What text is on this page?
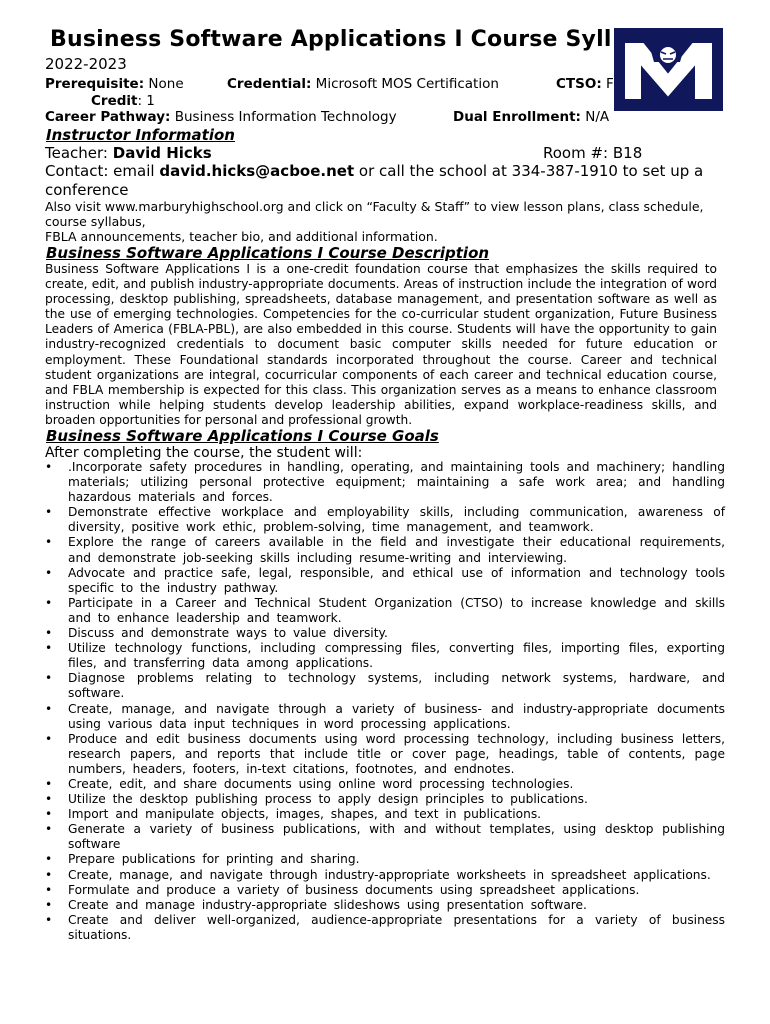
Business Software Applications I Course Syll
2022-2023
Prerequisite: None	Credential: Microsoft MOS Certification	CTSO: F
Credit: 1
Career Pathway: Business Information Technology	Dual Enrollment: N/A
Instructor Information
Teacher: David Hicks	Room #: B18
Contact: email david.hicks@acboe.net or call the school at 334-387-1910 to set up a
conference
Also visit www.marburyhighschool.org and click on “Faculty & Staff” to view lesson plans, class schedule,
course syllabus,
FBLA announcements, teacher bio, and additional information.
Business Software Applications I Course Description
Business Software Applications I is a one-credit foundation course that emphasizes the skills required to create, edit, and publish industry-appropriate documents. Areas of instruction include the integration of word processing, desktop publishing, spreadsheets, database management, and presentation software as well as the use of emerging technologies. Competencies for the co-curricular student organization, Future Business Leaders of America (FBLA-PBL), are also embedded in this course. Students will have the opportunity to gain industry-recognized credentials to document basic computer skills needed for future education or employment. These Foundational standards incorporated throughout the course. Career and technical student organizations are integral, cocurricular components of each career and technical education course, and FBLA membership is expected for this class. This organization serves as a means to enhance classroom instruction while helping students develop leadership abilities, expand workplace-readiness skills, and broaden opportunities for personal and professional growth.
Business Software Applications I Course Goals
After completing the course, the student will:
• .Incorporate safety procedures in handling, operating, and maintaining tools and machinery; handling materials; utilizing personal protective equipment; maintaining a safe work area; and handling hazardous materials and forces.
• Demonstrate effective workplace and employability skills, including communication, awareness of diversity, positive work ethic, problem-solving, time management, and teamwork.
• Explore the range of careers available in the field and investigate their educational requirements, and demonstrate job-seeking skills including resume-writing and interviewing.
• Advocate and practice safe, legal, responsible, and ethical use of information and technology tools specific to the industry pathway.
• Participate in a Career and Technical Student Organization (CTSO) to increase knowledge and skills and to enhance leadership and teamwork.
• Discuss and demonstrate ways to value diversity.
• Utilize technology functions, including compressing files, converting files, importing files, exporting files, and transferring data among applications.
• Diagnose problems relating to technology systems, including network systems, hardware, and software.
• Create, manage, and navigate through a variety of business- and industry-appropriate documents using various data input techniques in word processing applications.
• Produce and edit business documents using word processing technology, including business letters, research papers, and reports that include title or cover page, headings, table of contents, page numbers, headers, footers, in-text citations, footnotes, and endnotes.
• Create, edit, and share documents using online word processing technologies.
• Utilize the desktop publishing process to apply design principles to publications.
• Import and manipulate objects, images, shapes, and text in publications.
• Generate a variety of business publications, with and without templates, using desktop publishing software
• Prepare publications for printing and sharing.
• Create, manage, and navigate through industry-appropriate worksheets in spreadsheet applications.
• Formulate and produce a variety of business documents using spreadsheet applications.
• Create and manage industry-appropriate slideshows using presentation software.
• Create and deliver well-organized, audience-appropriate presentations for a variety of business situations.
